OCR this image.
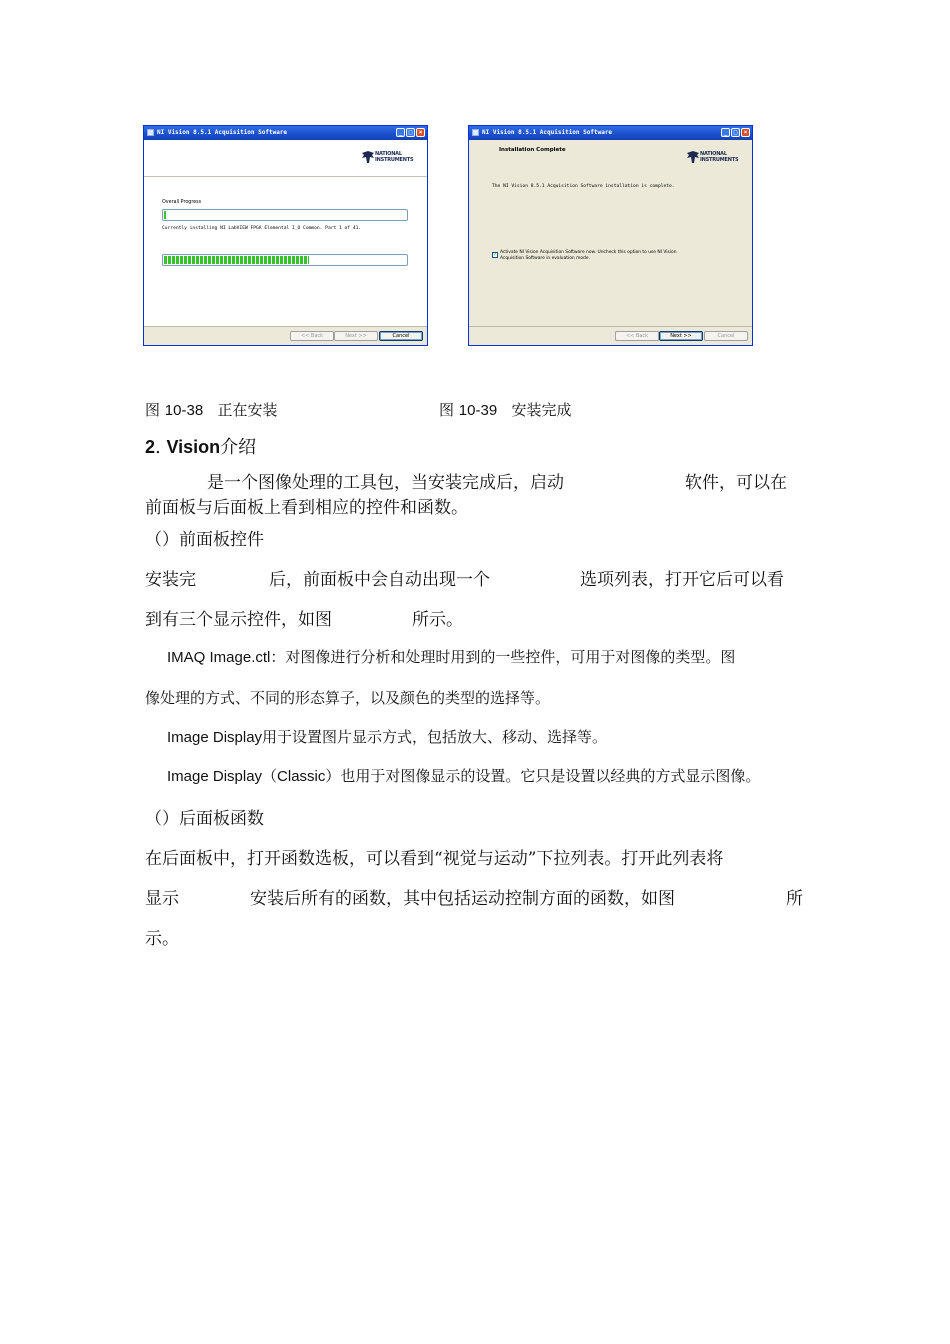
NI Vision 8.5.1 Acquisition Software	_	□	×
NATIONAL
INSTRUMENTS
Overall Progress
Currently installing NI LabVIEW FPGA Elemental I_O Common. Part 1 of 41.
<< Back	Next >>	Cancel
NI Vision 8.5.1 Acquisition Software	_	□	×
Installation Complete
NATIONAL
INSTRUMENTS
The NI Vision 8.5.1 Acquisition Software installation is complete.
✓ Activate NI Vision Acquisition Software now. Uncheck this option to use NI Vision
Acquisition Software in evaluation mode.
<< Back	Next >>	Cancel
图 10-38 正在安装	图 10-39 安装完成
2. Vision介绍
是一个图像处理的工具包，当安装完成后，启动	软件，可以在
前面板与后面板上看到相应的控件和函数。
（）前面板控件
安装完	后，前面板中会自动出现一个	选项列表，打开它后可以看
到有三个显示控件，如图	所示。
IMAQ Image.ctl：对图像进行分析和处理时用到的一些控件，可用于对图像的类型。图
像处理的方式、不同的形态算子，以及颜色的类型的选择等。
Image Display用于设置图片显示方式，包括放大、移动、选择等。
Image Display（Classic）也用于对图像显示的设置。它只是设置以经典的方式显示图像。
（）后面板函数
在后面板中，打开函数选板，可以看到“视觉与运动”下拉列表。打开此列表将
显示	安装后所有的函数，其中包括运动控制方面的函数，如图	所
示。
